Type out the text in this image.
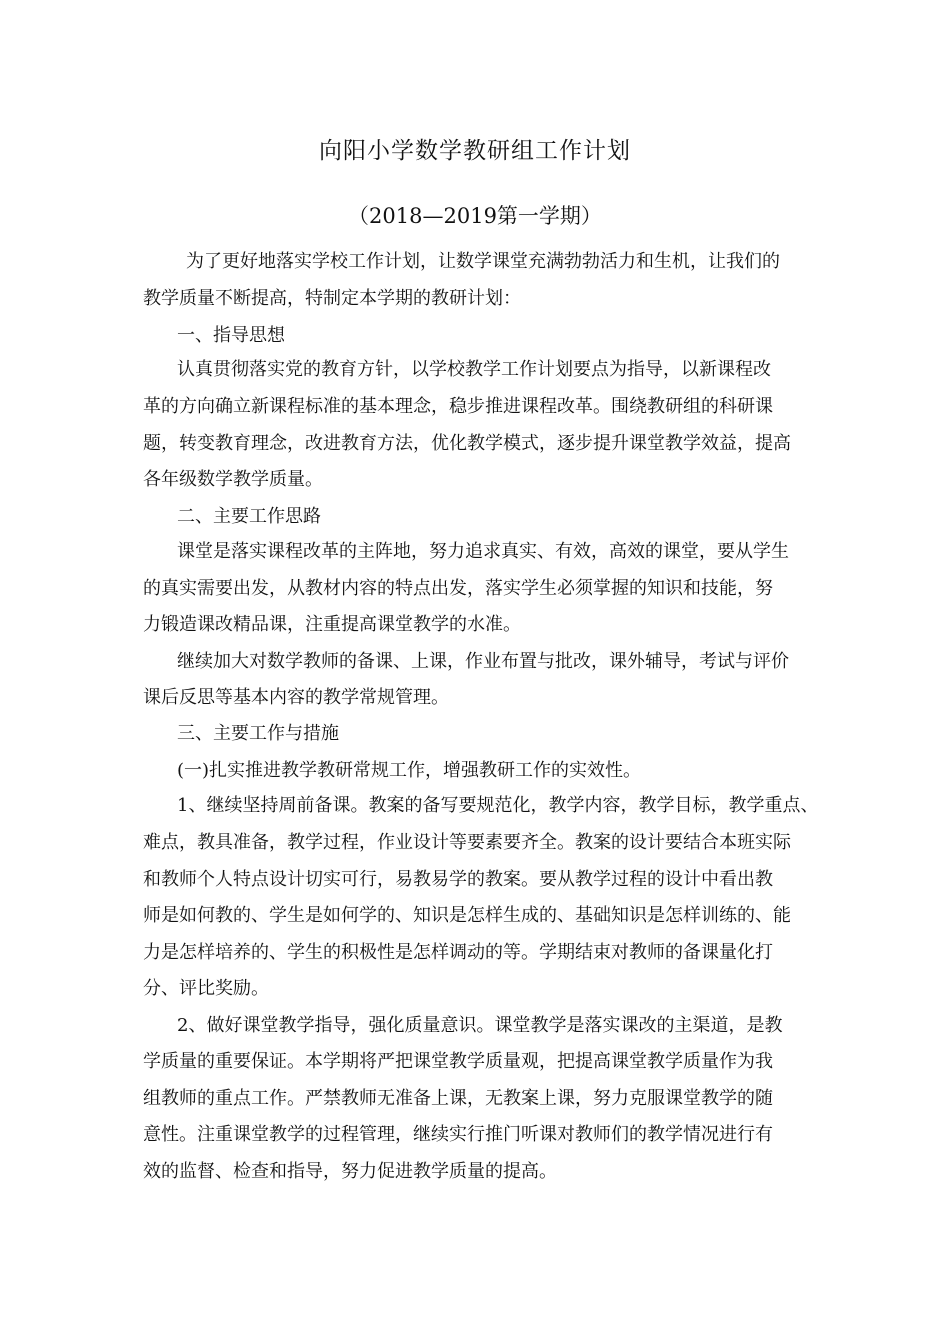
向阳小学数学教研组工作计划
（2018—2019第一学期）
为了更好地落实学校工作计划，让数学课堂充满勃勃活力和生机，让我们的
教学质量不断提高，特制定本学期的教研计划：
一、指导思想
认真贯彻落实党的教育方针，以学校教学工作计划要点为指导，以新课程改
革的方向确立新课程标准的基本理念，稳步推进课程改革。围绕教研组的科研课
题，转变教育理念，改进教育方法，优化教学模式，逐步提升课堂教学效益，提高
各年级数学教学质量。
二、主要工作思路
课堂是落实课程改革的主阵地，努力追求真实、有效，高效的课堂，要从学生
的真实需要出发，从教材内容的特点出发，落实学生必须掌握的知识和技能，努
力锻造课改精品课，注重提高课堂教学的水准。
继续加大对数学教师的备课、上课，作业布置与批改，课外辅导，考试与评价
课后反思等基本内容的教学常规管理。
三、主要工作与措施
(一)扎实推进教学教研常规工作，增强教研工作的实效性。
1、继续坚持周前备课。教案的备写要规范化，教学内容，教学目标，教学重点、
难点，教具准备，教学过程，作业设计等要素要齐全。教案的设计要结合本班实际
和教师个人特点设计切实可行，易教易学的教案。要从教学过程的设计中看出教
师是如何教的、学生是如何学的、知识是怎样生成的、基础知识是怎样训练的、能
力是怎样培养的、学生的积极性是怎样调动的等。学期结束对教师的备课量化打
分、评比奖励。
2、做好课堂教学指导，强化质量意识。课堂教学是落实课改的主渠道，是教
学质量的重要保证。本学期将严把课堂教学质量观，把提高课堂教学质量作为我
组教师的重点工作。严禁教师无准备上课，无教案上课，努力克服课堂教学的随
意性。注重课堂教学的过程管理，继续实行推门听课对教师们的教学情况进行有
效的监督、检查和指导，努力促进教学质量的提高。
